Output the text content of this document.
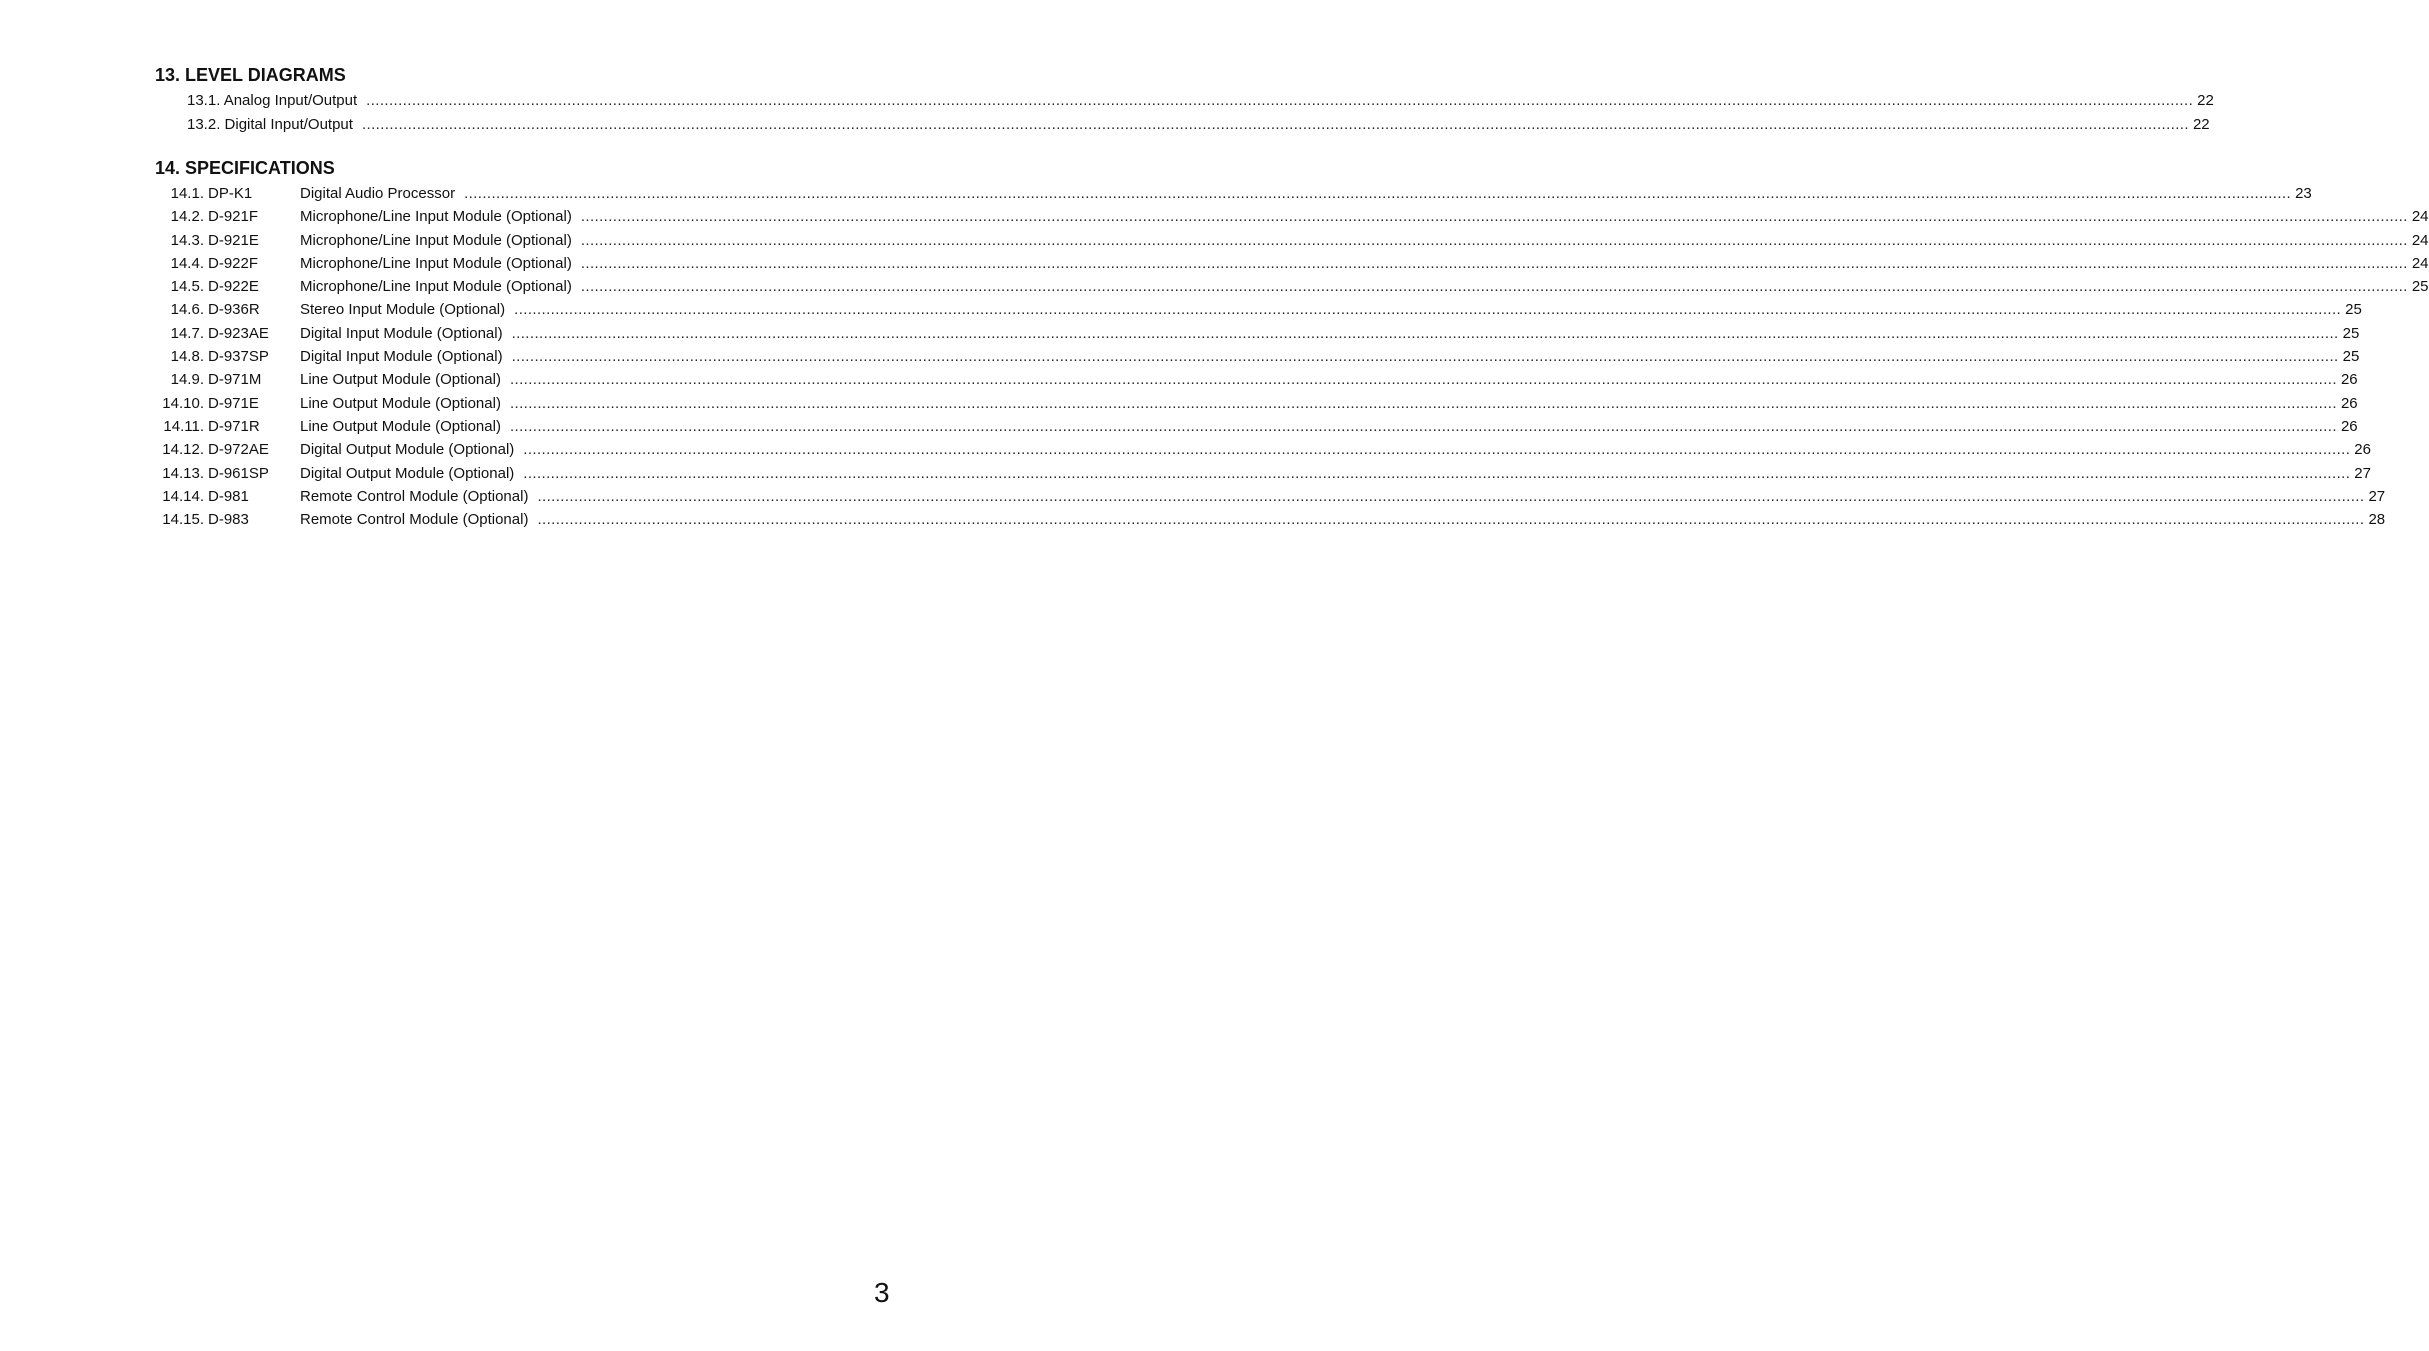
13. LEVEL DIAGRAMS
13.1. Analog Input/Output ................................................................................................................................................................................................................................................................................................................................................................................................................ 22
13.2. Digital Input/Output ................................................................................................................................................................................................................................................................................................................................................................................................................ 22
14. SPECIFICATIONS
14.1. DP-K1	Digital Audio Processor ................................................................................................................................................................................................................................................................................................................................................................................................................ 23
14.2. D-921F	Microphone/Line Input Module (Optional) ................................................................................................................................................................................................................................................................................................................................................................................................................ 24
14.3. D-921E	Microphone/Line Input Module (Optional) ................................................................................................................................................................................................................................................................................................................................................................................................................ 24
14.4. D-922F	Microphone/Line Input Module (Optional) ................................................................................................................................................................................................................................................................................................................................................................................................................ 24
14.5. D-922E	Microphone/Line Input Module (Optional) ................................................................................................................................................................................................................................................................................................................................................................................................................ 25
14.6. D-936R	Stereo Input Module (Optional) ................................................................................................................................................................................................................................................................................................................................................................................................................ 25
14.7. D-923AE	Digital Input Module (Optional) ................................................................................................................................................................................................................................................................................................................................................................................................................ 25
14.8. D-937SP	Digital Input Module (Optional) ................................................................................................................................................................................................................................................................................................................................................................................................................ 25
14.9. D-971M	Line Output Module (Optional) ................................................................................................................................................................................................................................................................................................................................................................................................................ 26
14.10. D-971E	Line Output Module (Optional) ................................................................................................................................................................................................................................................................................................................................................................................................................ 26
14.11. D-971R	Line Output Module (Optional) ................................................................................................................................................................................................................................................................................................................................................................................................................ 26
14.12. D-972AE	Digital Output Module (Optional) ................................................................................................................................................................................................................................................................................................................................................................................................................ 26
14.13. D-961SP	Digital Output Module (Optional) ................................................................................................................................................................................................................................................................................................................................................................................................................ 27
14.14. D-981	Remote Control Module (Optional) ................................................................................................................................................................................................................................................................................................................................................................................................................ 27
14.15. D-983	Remote Control Module (Optional) ................................................................................................................................................................................................................................................................................................................................................................................................................ 28
3
